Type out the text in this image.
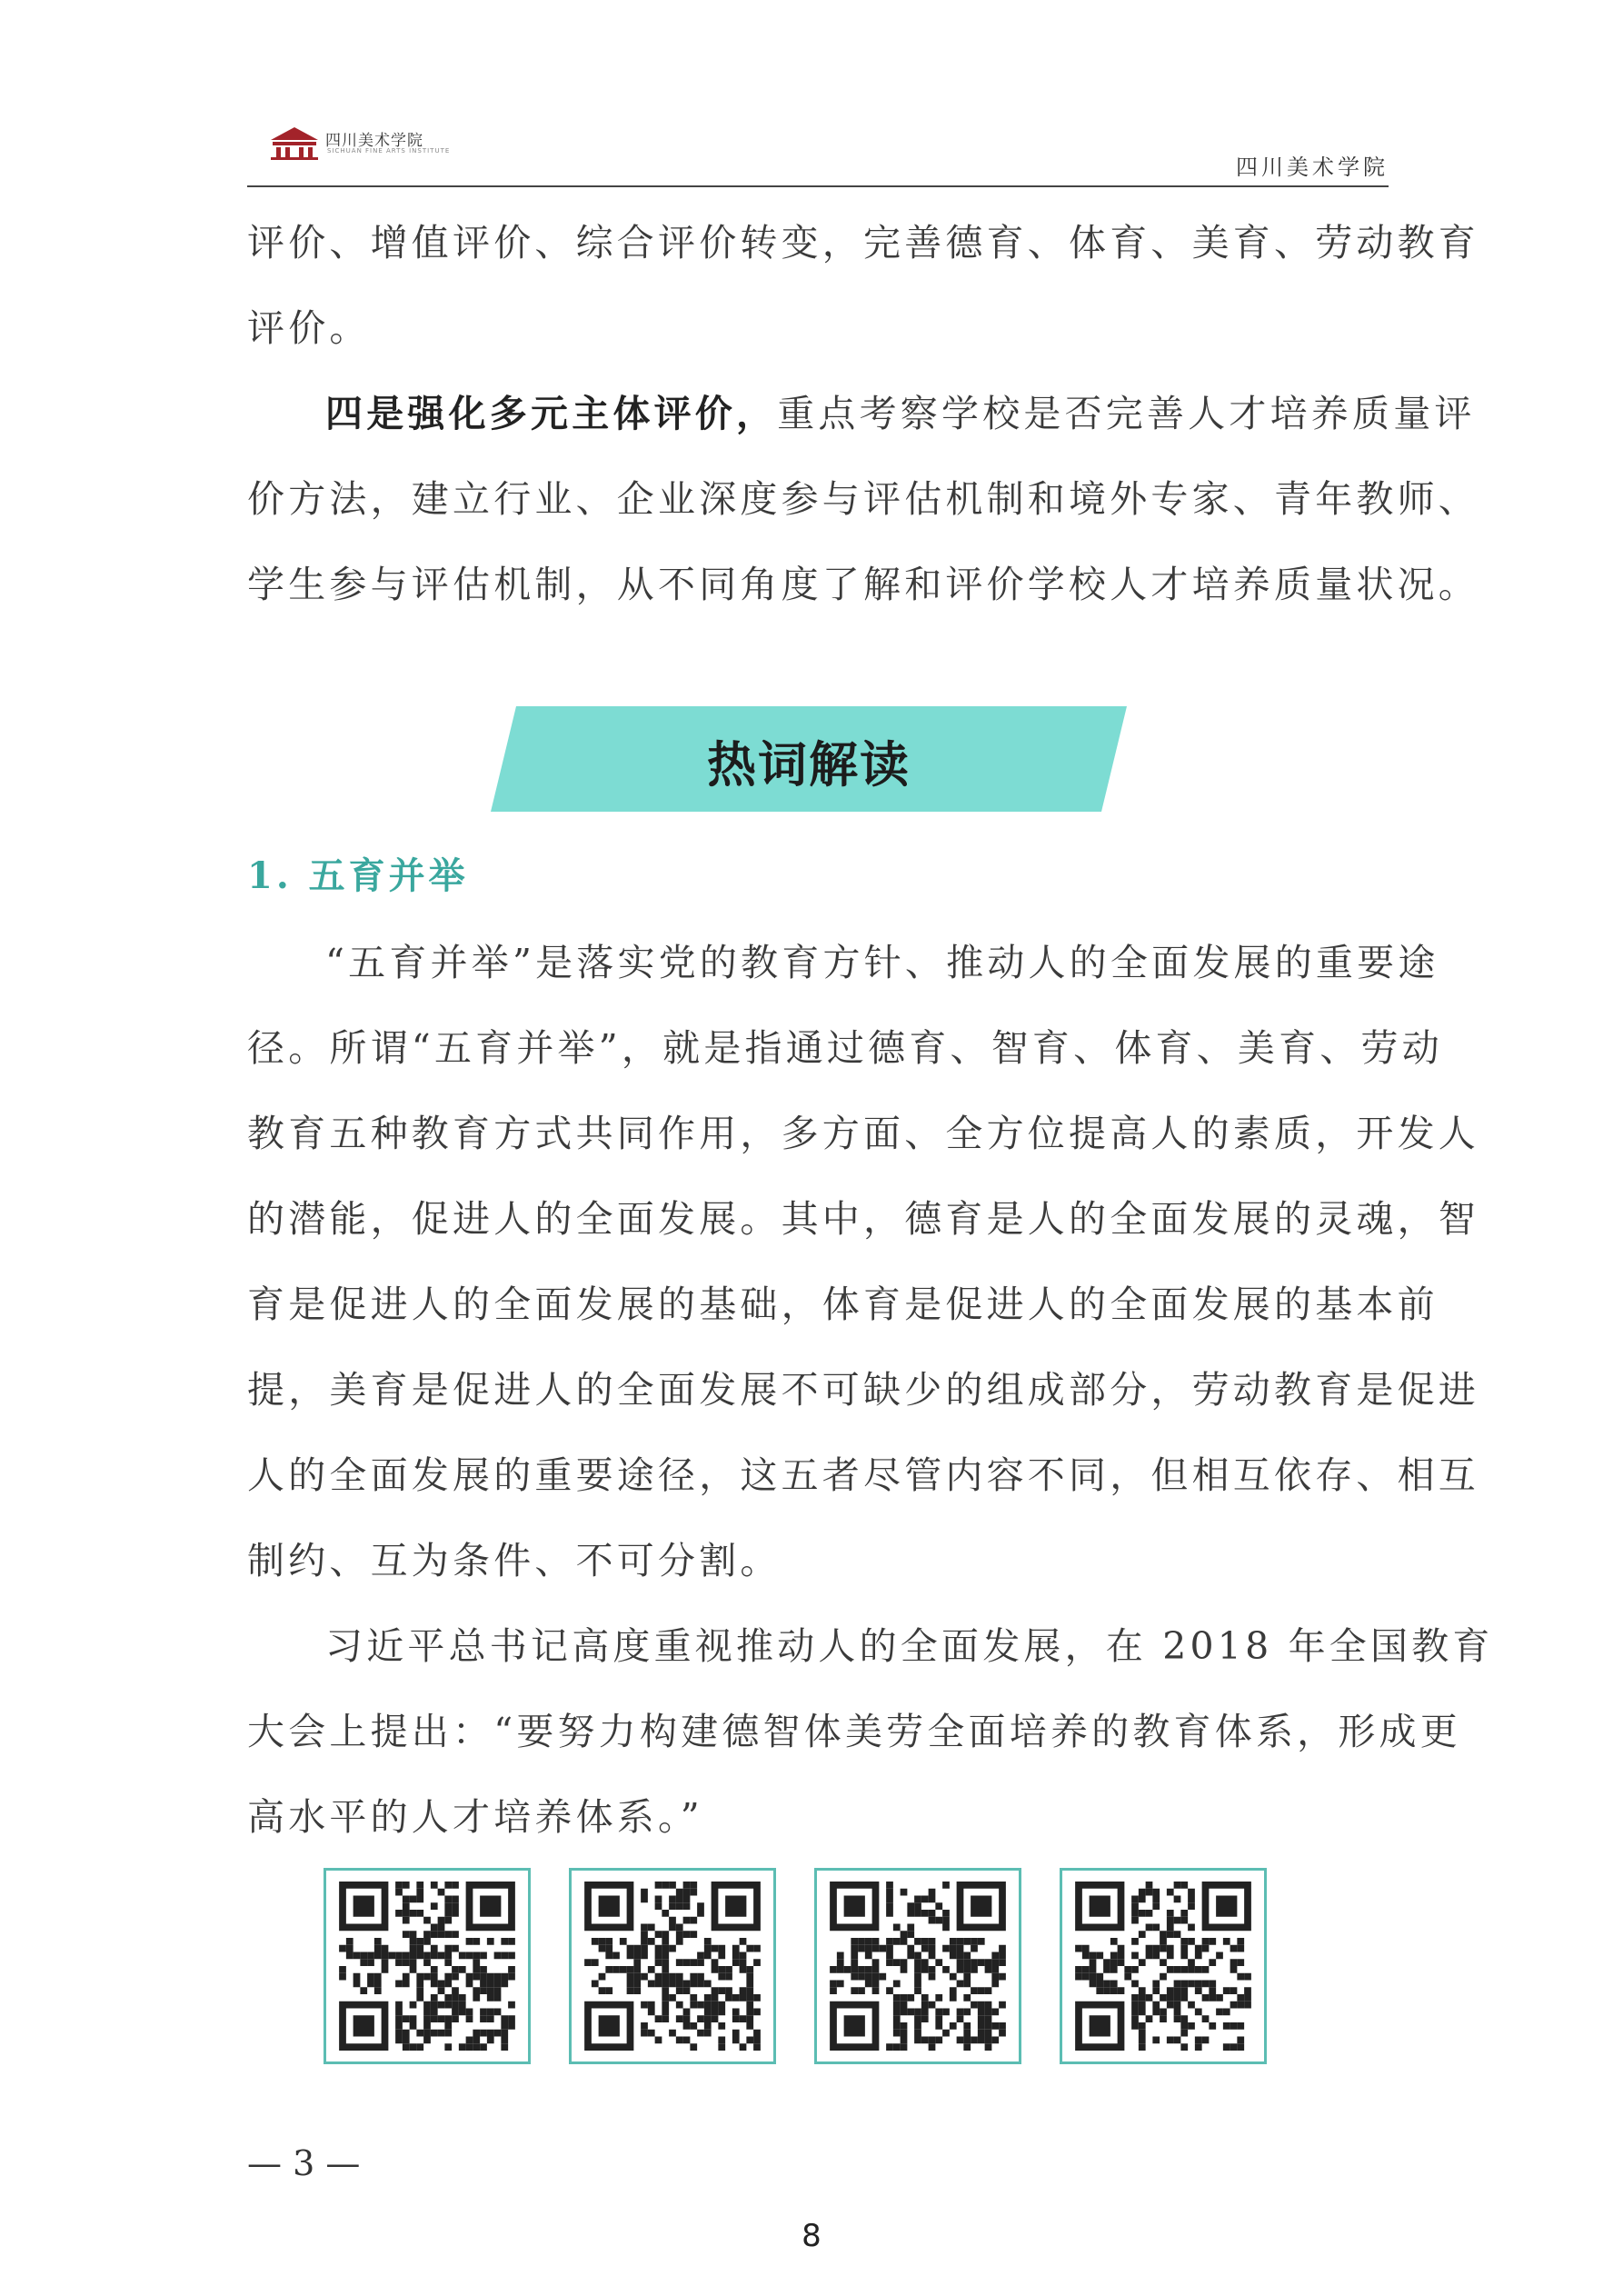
四川美术学院
SICHUAN FINE ARTS INSTITUTE
四川美术学院
评价、增值评价、综合评价转变，完善德育、体育、美育、劳动教育
评价。
四是强化多元主体评价，重点考察学校是否完善人才培养质量评
价方法，建立行业、企业深度参与评估机制和境外专家、青年教师、
学生参与评估机制，从不同角度了解和评价学校人才培养质量状况。
热词解读
1. 五育并举
“五育并举”是落实党的教育方针、推动人的全面发展的重要途
径。所谓“五育并举”，就是指通过德育、智育、体育、美育、劳动
教育五种教育方式共同作用，多方面、全方位提高人的素质，开发人
的潜能，促进人的全面发展。其中，德育是人的全面发展的灵魂，智
育是促进人的全面发展的基础，体育是促进人的全面发展的基本前
提，美育是促进人的全面发展不可缺少的组成部分，劳动教育是促进
人的全面发展的重要途径，这五者尽管内容不同，但相互依存、相互
制约、互为条件、不可分割。
习近平总书记高度重视推动人的全面发展，在 2018 年全国教育
大会上提出：“要努力构建德智体美劳全面培养的教育体系，形成更
高水平的人才培养体系。”
— 3 —
8
